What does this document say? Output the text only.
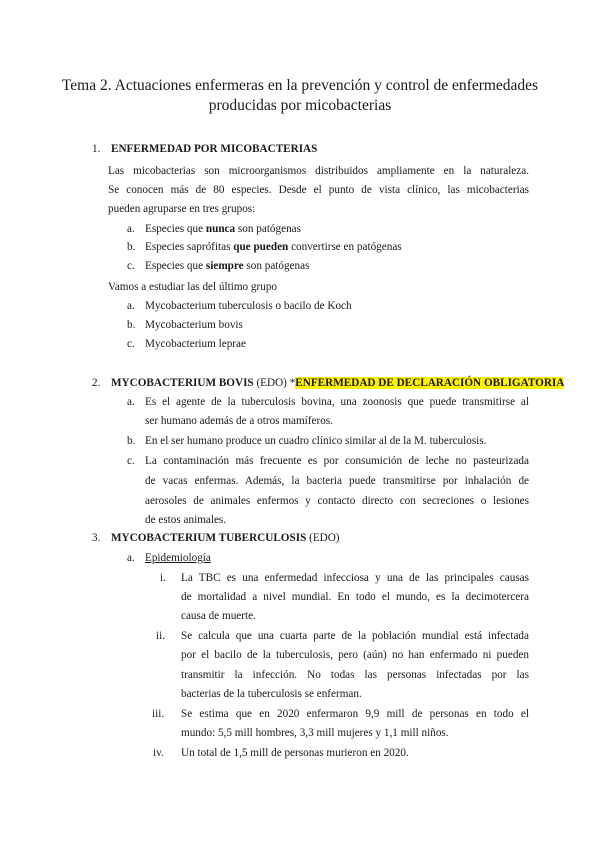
Tema 2. Actuaciones enfermeras en la prevención y control de enfermedades
producidas por micobacterias
1. ENFERMEDAD POR MICOBACTERIAS
Las micobacterias son microorganismos distribuidos ampliamente en la naturaleza.
Se conocen más de 80 especies. Desde el punto de vista clínico, las micobacterias
pueden agruparse en tres grupos:
a. Especies que nunca son patógenas
b. Especies saprófitas que pueden convertirse en patógenas
c. Especies que siempre son patógenas
Vamos a estudiar las del último grupo
a. Mycobacterium tuberculosis o bacilo de Koch
b. Mycobacterium bovis
c. Mycobacterium leprae
2. MYCOBACTERIUM BOVIS (EDO) *ENFERMEDAD DE DECLARACIÓN OBLIGATORIA
a. Es el agente de la tuberculosis bovina, una zoonosis que puede transmitirse al
ser humano además de a otros mamíferos.
b. En el ser humano produce un cuadro clínico similar al de la M. tuberculosis.
c. La contaminación más frecuente es por consumición de leche no pasteurizada
de vacas enfermas. Además, la bacteria puede transmitirse por inhalación de
aerosoles de animales enfermos y contacto directo con secreciones o lesiones
de estos animales.
3. MYCOBACTERIUM TUBERCULOSIS (EDO)
a. Epidemiología
i. La TBC es una enfermedad infecciosa y una de las principales causas
de mortalidad a nivel mundial. En todo el mundo, es la decimotercera
causa de muerte.
ii. Se calcula que una cuarta parte de la población mundial está infectada
por el bacilo de la tuberculosis, pero (aún) no han enfermado ni pueden
transmitir la infección. No todas las personas infectadas por las
bacterias de la tuberculosis se enferman.
iii. Se estima que en 2020 enfermaron 9,9 mill de personas en todo el
mundo: 5,5 mill hombres, 3,3 mill mujeres y 1,1 mill niños.
iv. Un total de 1,5 mill de personas murieron en 2020.
